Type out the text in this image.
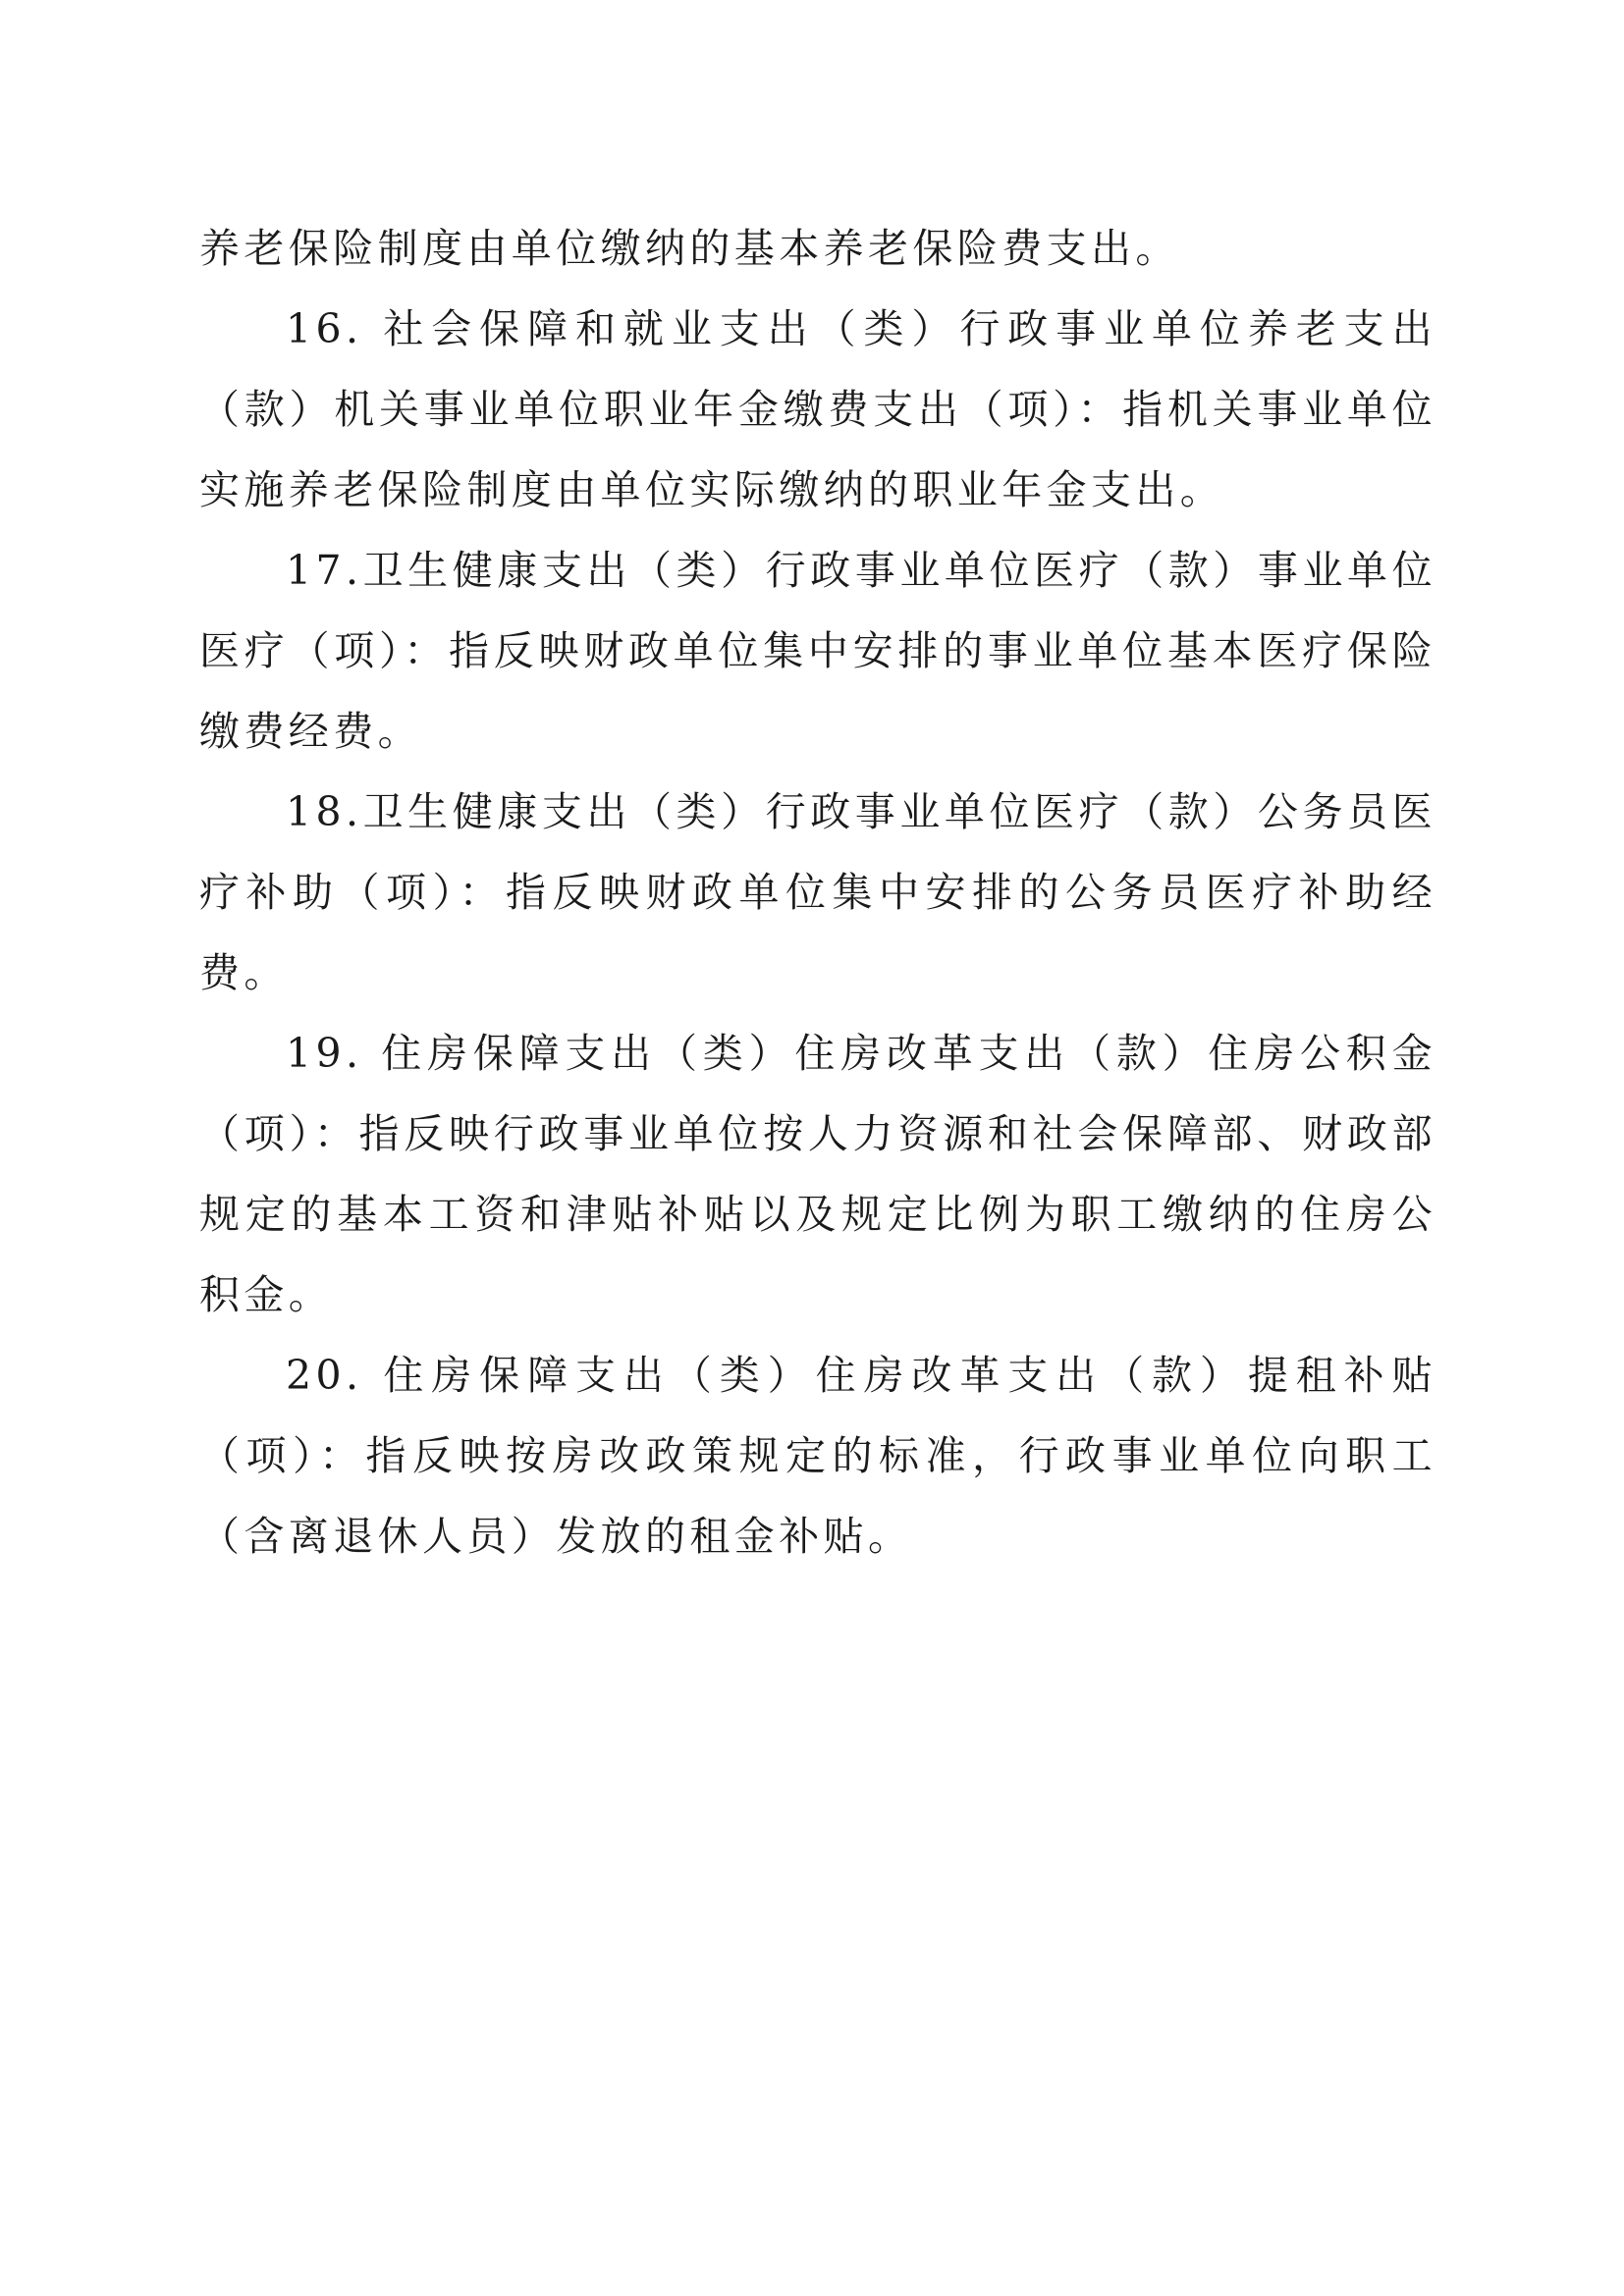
养老保险制度由单位缴纳的基本养老保险费支出。

16. 社会保障和就业支出（类）行政事业单位养老支出（款）机关事业单位职业年金缴费支出（项）：指机关事业单位实施养老保险制度由单位实际缴纳的职业年金支出。

17.卫生健康支出（类）行政事业单位医疗（款）事业单位医疗（项）：指反映财政单位集中安排的事业单位基本医疗保险缴费经费。

18.卫生健康支出（类）行政事业单位医疗（款）公务员医疗补助（项）：指反映财政单位集中安排的公务员医疗补助经费。

19. 住房保障支出（类）住房改革支出（款）住房公积金（项）：指反映行政事业单位按人力资源和社会保障部、财政部规定的基本工资和津贴补贴以及规定比例为职工缴纳的住房公积金。

20. 住房保障支出（类）住房改革支出（款）提租补贴（项）：指反映按房改政策规定的标准，行政事业单位向职工（含离退休人员）发放的租金补贴。
